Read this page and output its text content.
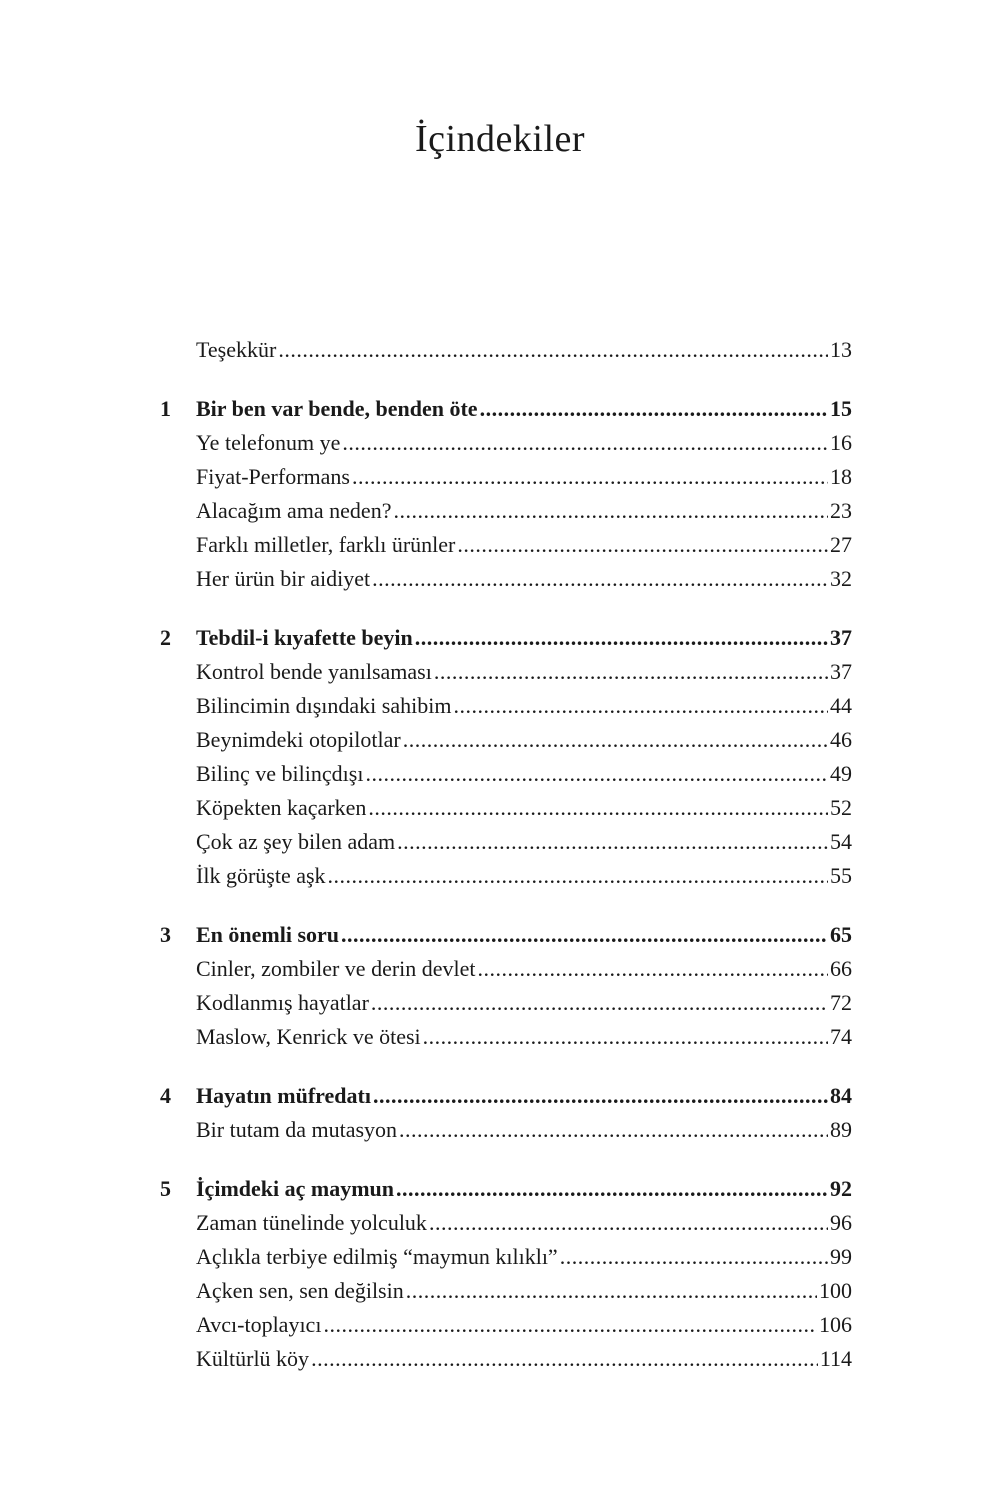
İçindekiler
Teşekkür .....	13
1	Bir ben var bende, benden öte .....	15
Ye telefonum ye .....	16
Fiyat-Performans .....	18
Alacağım ama neden? .....	23
Farklı milletler, farklı ürünler .....	27
Her ürün bir aidiyet .....	32
2	Tebdil-i kıyafette beyin .....	37
Kontrol bende yanılsaması .....	37
Bilincimin dışındaki sahibim .....	44
Beynimdeki otopilotlar .....	46
Bilinç ve bilinçdışı .....	49
Köpekten kaçarken .....	52
Çok az şey bilen adam .....	54
İlk görüşte aşk .....	55
3	En önemli soru .....	65
Cinler, zombiler ve derin devlet .....	66
Kodlanmış hayatlar .....	72
Maslow, Kenrick ve ötesi .....	74
4	Hayatın müfredatı .....	84
Bir tutam da mutasyon .....	89
5	İçimdeki aç maymun .....	92
Zaman tünelinde yolculuk .....	96
Açlıkla terbiye edilmiş “maymun kılıklı” .....	99
Açken sen, sen değilsin .....	100
Avcı-toplayıcı .....	106
Kültürlü köy .....	114
